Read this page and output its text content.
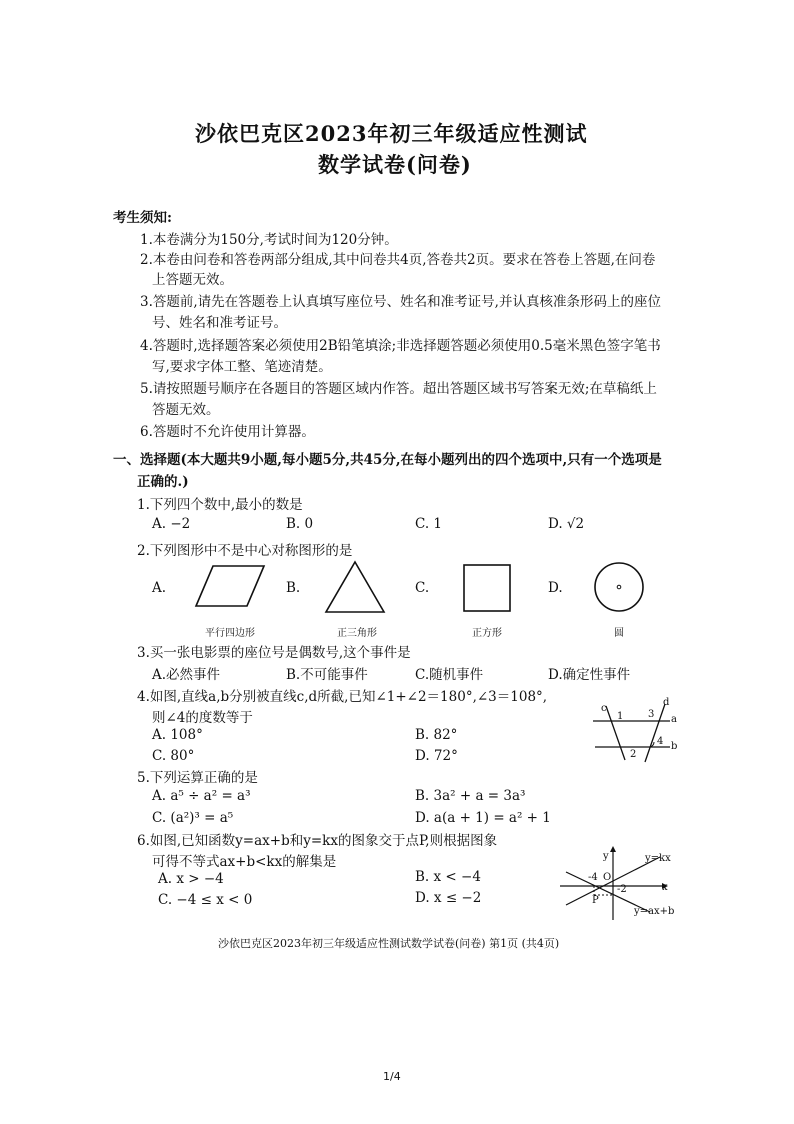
沙依巴克区2023年初三年级适应性测试
数学试卷(问卷)
考生须知:
1.本卷满分为150分,考试时间为120分钟。
2.本卷由问卷和答卷两部分组成,其中问卷共4页,答卷共2页。要求在答卷上答题,在问卷
上答题无效。
3.答题前,请先在答题卷上认真填写座位号、姓名和准考证号,并认真核准条形码上的座位
号、姓名和准考证号。
4.答题时,选择题答案必须使用2B铅笔填涂;非选择题答题必须使用0.5毫米黑色签字笔书
写,要求字体工整、笔迹清楚。
5.请按照题号顺序在各题目的答题区域内作答。超出答题区域书写答案无效;在草稿纸上
答题无效。
6.答题时不允许使用计算器。
一、选择题(本大题共9小题,每小题5分,共45分,在每小题列出的四个选项中,只有一个选项是
正确的.)
1.下列四个数中,最小的数是
A. −2	B. 0	C. 1	D. √2
2.下列图形中不是中心对称图形的是
A.	B.	C.	D.
平行四边形	正三角形	正方形	圆
3.买一张电影票的座位号是偶数号,这个事件是
A.必然事件	B.不可能事件	C.随机事件	D.确定性事件
4.如图,直线a,b分别被直线c,d所截,已知∠1+∠2＝180°,∠3＝108°,
则∠4的度数等于
A. 108°	B. 82°
C. 80°	D. 72°
c
d
a
b
1
2
3
4
5.下列运算正确的是
A. a⁵ ÷ a² = a³	B. 3a² + a = 3a³
C. (a²)³ = a⁵	D. a(a + 1) = a² + 1
6.如图,已知函数y=ax+b和y=kx的图象交于点P,则根据图象
可得不等式ax+b<kx的解集是
A. x > −4	B. x < −4
C. −4 ≤ x < 0	D. x ≤ −2
y
x
O
-4
-2
P
y=kx
y=ax+b
沙依巴克区2023年初三年级适应性测试数学试卷(问卷) 第1页 (共4页)
1/4
